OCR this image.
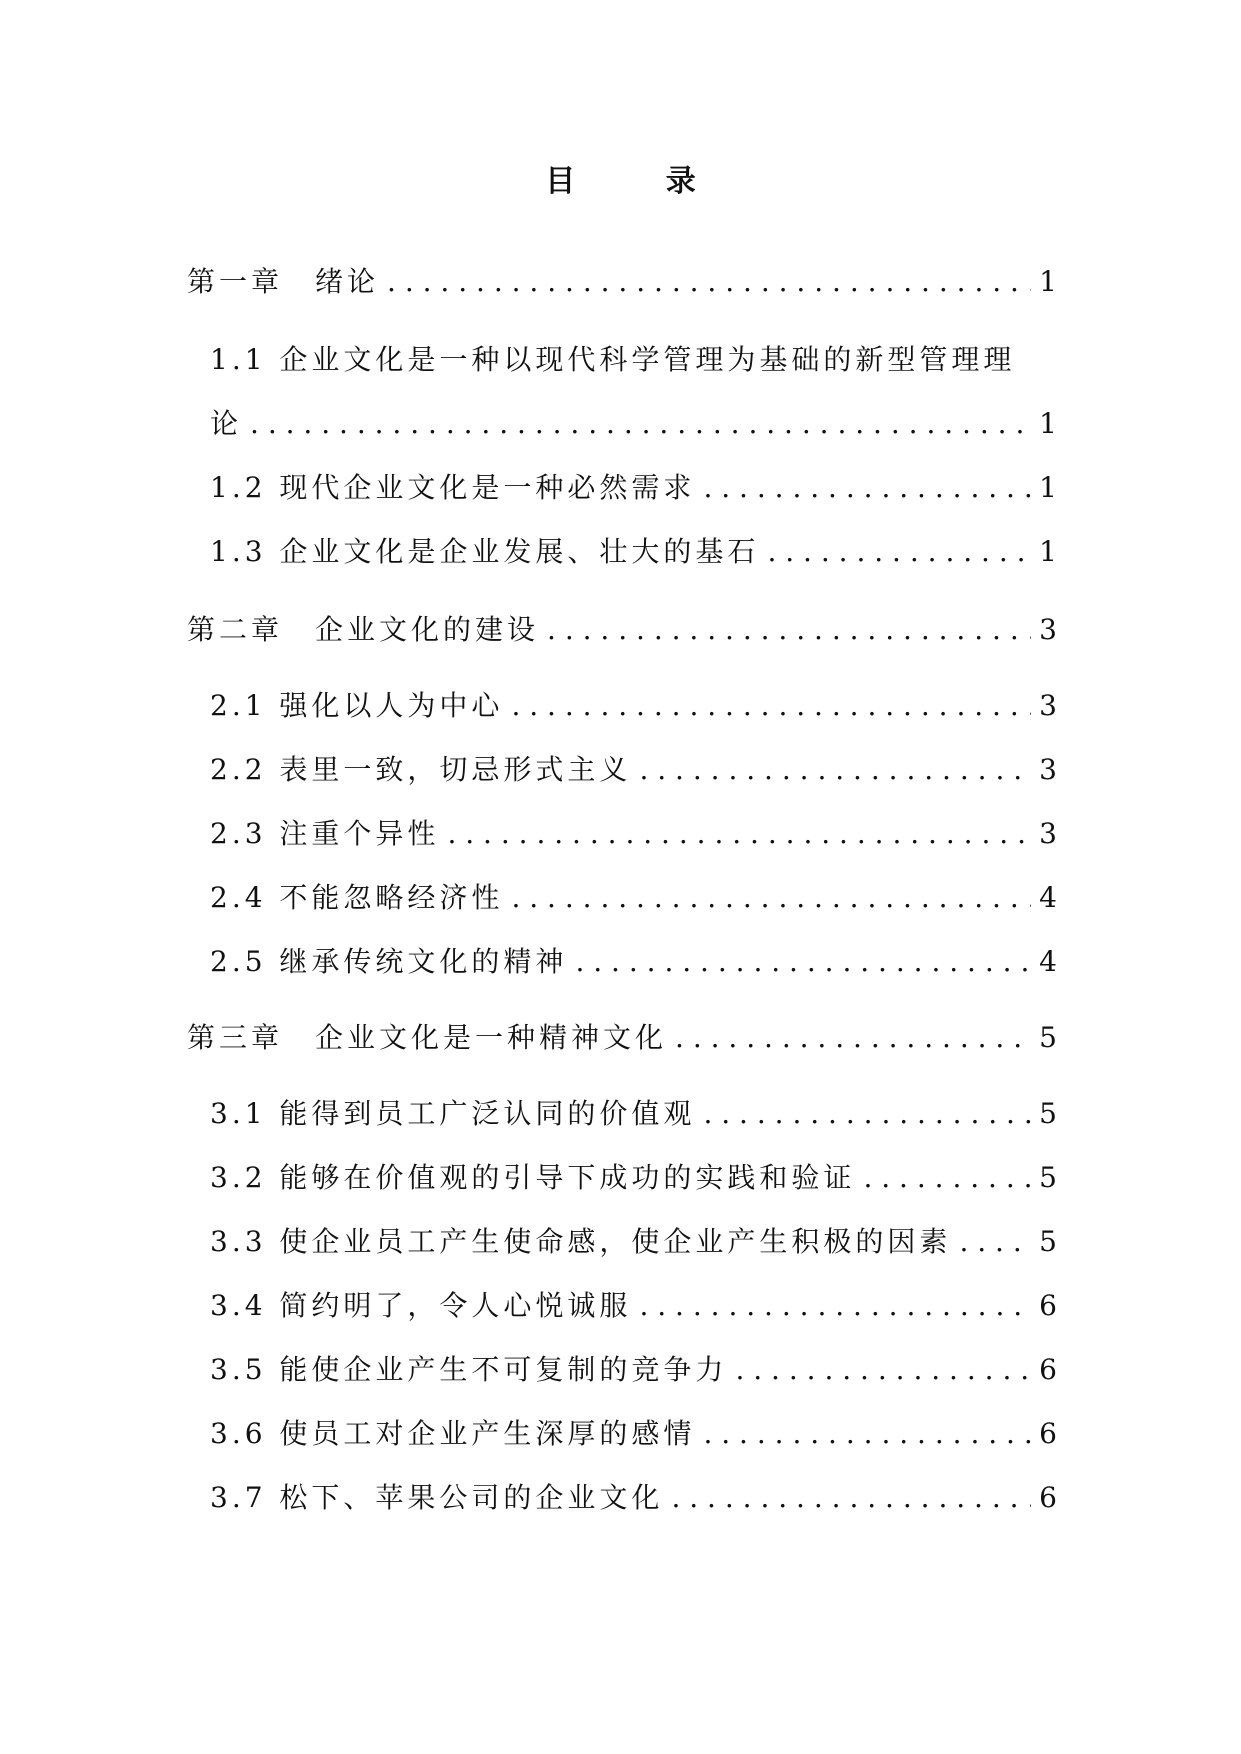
目 录
第一章　绪论 . . .	1
1.1 企业文化是一种以现代科学管理为基础的新型管理理
论 . . .	1
1.2 现代企业文化是一种必然需求 . . .	1
1.3 企业文化是企业发展、壮大的基石 . . .	1
第二章　企业文化的建设 . . .	3
2.1 强化以人为中心 . . .	3
2.2 表里一致，切忌形式主义 . . .	3
2.3 注重个异性 . . .	3
2.4 不能忽略经济性 . . .	4
2.5 继承传统文化的精神 . . .	4
第三章　企业文化是一种精神文化 . . .	5
3.1 能得到员工广泛认同的价值观 . . .	5
3.2 能够在价值观的引导下成功的实践和验证 . . .	5
3.3 使企业员工产生使命感，使企业产生积极的因素 . . .	5
3.4 简约明了，令人心悦诚服 . . .	6
3.5 能使企业产生不可复制的竞争力 . . .	6
3.6 使员工对企业产生深厚的感情 . . .	6
3.7 松下、苹果公司的企业文化 . . .	6
